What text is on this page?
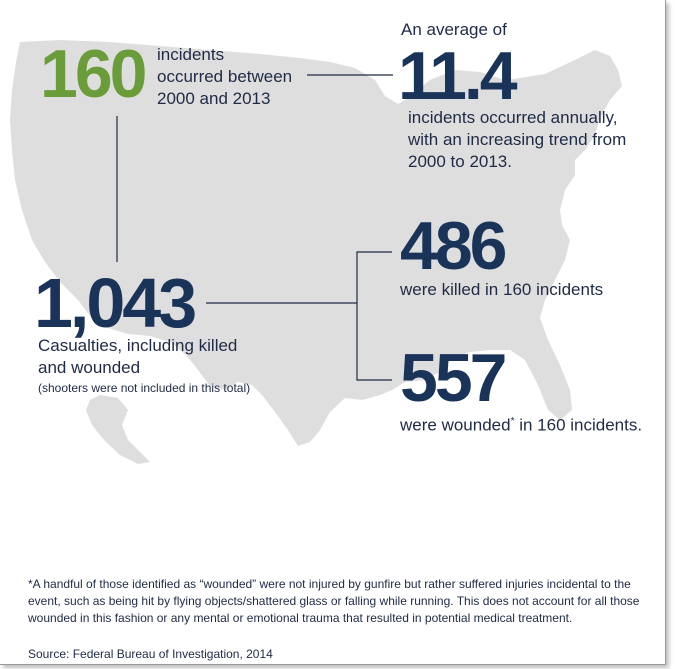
160 incidents
occurred between
2000 and 2013
An average of
11.4
incidents occurred annually,
with an increasing trend from
2000 to 2013.
1,043
Casualties, including killed
and wounded
(shooters were not included in this total)
486
were killed in 160 incidents
557
were wounded* in 160 incidents.

*A handful of those identified as “wounded” were not injured by gunfire but rather suffered injuries incidental to the event, such as being hit by flying objects/shattered glass or falling while running. This does not account for all those wounded in this fashion or any mental or emotional trauma that resulted in potential medical treatment.

Source: Federal Bureau of Investigation, 2014
